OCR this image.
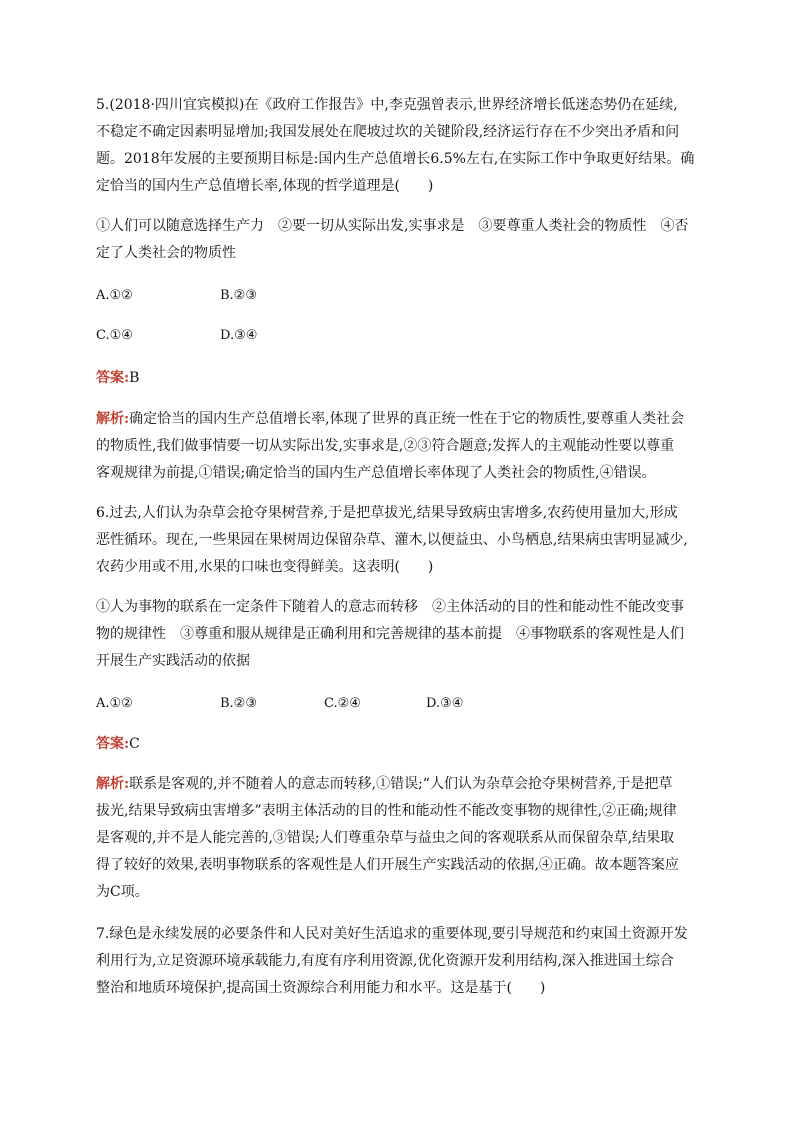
5.(2018·四川宜宾模拟)在《政府工作报告》中,李克强曾表示,世界经济增长低迷态势仍在延续,
不稳定不确定因素明显增加;我国发展处在爬坡过坎的关键阶段,经济运行存在不少突出矛盾和问
题。2018年发展的主要预期目标是:国内生产总值增长6.5%左右,在实际工作中争取更好结果。确
定恰当的国内生产总值增长率,体现的哲学道理是(　　)
①人们可以随意选择生产力　②要一切从实际出发,实事求是　③要尊重人类社会的物质性　④否
定了人类社会的物质性
A.①②	B.②③
C.①④	D.③④
答案:B
解析:确定恰当的国内生产总值增长率,体现了世界的真正统一性在于它的物质性,要尊重人类社会
的物质性,我们做事情要一切从实际出发,实事求是,②③符合题意;发挥人的主观能动性要以尊重
客观规律为前提,①错误;确定恰当的国内生产总值增长率体现了人类社会的物质性,④错误。
6.过去,人们认为杂草会抢夺果树营养,于是把草拔光,结果导致病虫害增多,农药使用量加大,形成
恶性循环。现在,一些果园在果树周边保留杂草、灌木,以便益虫、小鸟栖息,结果病虫害明显减少,
农药少用或不用,水果的口味也变得鲜美。这表明(　　)
①人为事物的联系在一定条件下随着人的意志而转移　②主体活动的目的性和能动性不能改变事
物的规律性　③尊重和服从规律是正确利用和完善规律的基本前提　④事物联系的客观性是人们
开展生产实践活动的依据
A.①②	B.②③	C.②④	D.③④
答案:C
解析:联系是客观的,并不随着人的意志而转移,①错误;“人们认为杂草会抢夺果树营养,于是把草
拔光,结果导致病虫害增多”表明主体活动的目的性和能动性不能改变事物的规律性,②正确;规律
是客观的,并不是人能完善的,③错误;人们尊重杂草与益虫之间的客观联系从而保留杂草,结果取
得了较好的效果,表明事物联系的客观性是人们开展生产实践活动的依据,④正确。故本题答案应
为C项。
7.绿色是永续发展的必要条件和人民对美好生活追求的重要体现,要引导规范和约束国土资源开发
利用行为,立足资源环境承载能力,有度有序利用资源,优化资源开发利用结构,深入推进国土综合
整治和地质环境保护,提高国土资源综合利用能力和水平。这是基于(　　)
